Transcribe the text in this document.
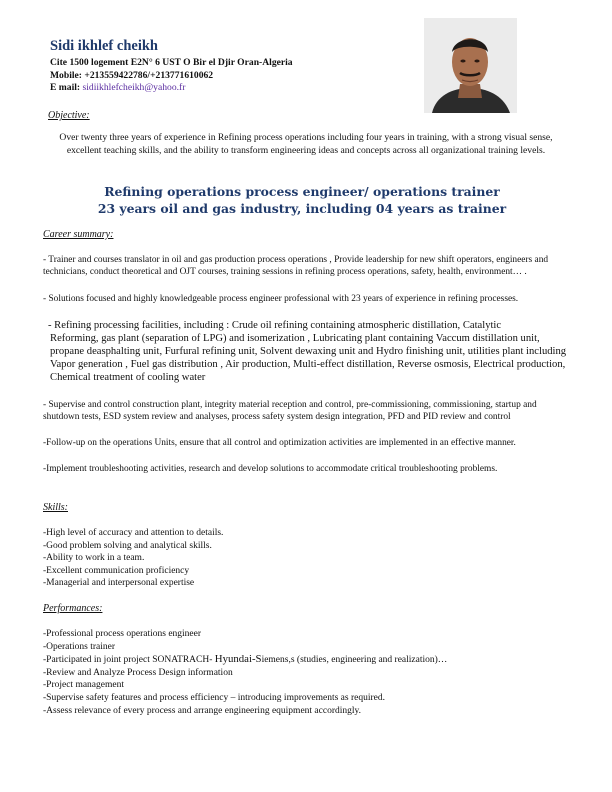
Sidi ikhlef cheikh
Cite 1500 logement E2N° 6 UST O Bir el Djir Oran-Algeria
Mobile: +213559422786/+213771610062
E mail: sidiikhlefcheikh@yahoo.fr
Objective:
Over twenty three years of experience in Refining process operations including four years in training, with a strong visual sense, excellent teaching skills, and the ability to transform engineering ideas and concepts across all organizational training levels.
Refining operations process engineer/ operations trainer
23 years oil and gas industry, including 04 years as trainer
Career summary:

- Trainer and courses translator in oil and gas production process operations , Provide leadership for new shift operators, engineers and technicians, conduct theoretical and OJT courses, training sessions in refining process operations, safety, health, environment… .

- Solutions focused and highly knowledgeable process engineer professional with 23 years of experience in refining processes.

- Refining processing facilities, including : Crude oil refining containing atmospheric distillation, Catalytic
Reforming, gas plant (separation of LPG) and isomerization , Lubricating plant containing Vaccum distillation unit, propane deasphalting unit, Furfural refining unit, Solvent dewaxing unit and Hydro finishing unit, utilities plant including Vapor generation , Fuel gas distribution , Air production, Multi-effect distillation, Reverse osmosis, Electrical production, Chemical treatment of cooling water

- Supervise and control construction plant, integrity material reception and control, pre-commissioning, commissioning, startup and shutdown tests, ESD system review and analyses, process safety system design integration, PFD and PID review and control

-Follow-up on the operations Units, ensure that all control and optimization activities are implemented in an effective manner.

-Implement troubleshooting activities, research and develop solutions to accommodate critical troubleshooting problems.

Skills:
-High level of accuracy and attention to details.
-Good problem solving and analytical skills.
-Ability to work in a team.
-Excellent communication proficiency
-Managerial and interpersonal expertise
Performances:
-Professional process operations engineer
-Operations trainer
-Participated in joint project SONATRACH- Hyundai-Siemens,s (studies, engineering and realization)…
-Review and Analyze Process Design information
-Project management
-Supervise safety features and process efficiency – introducing improvements as required.
-Assess relevance of every process and arrange engineering equipment accordingly.
